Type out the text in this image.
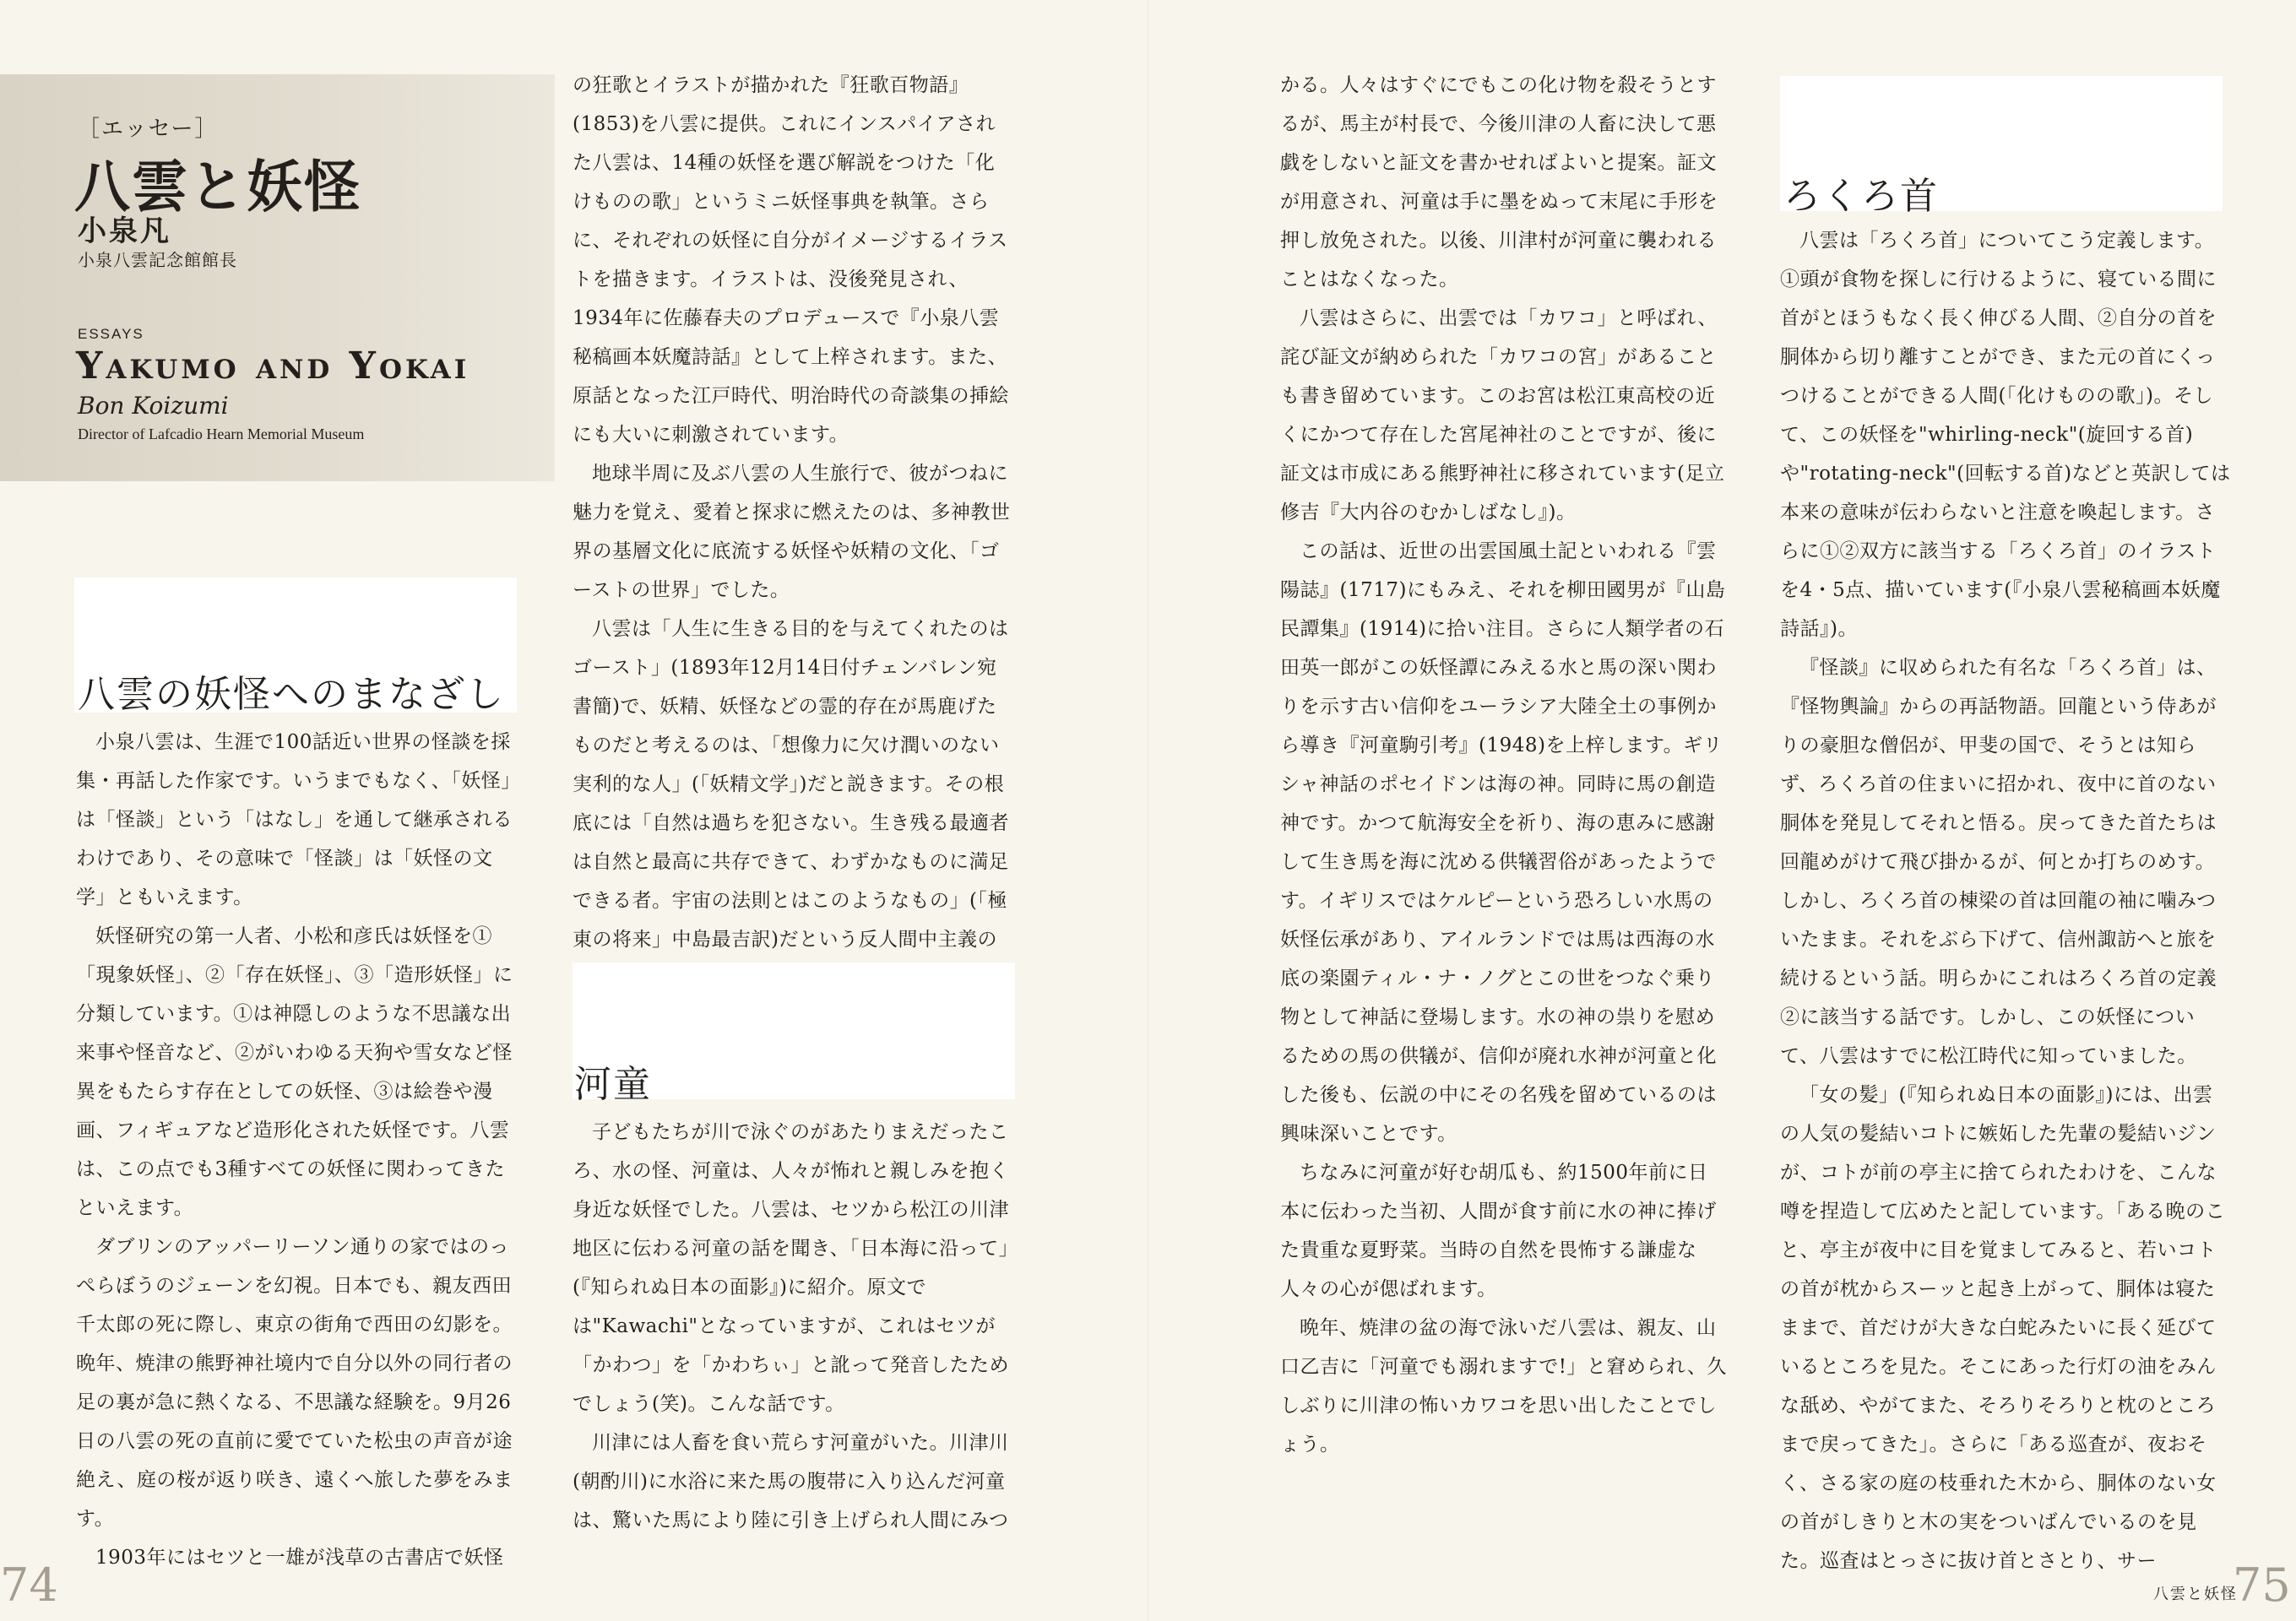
［エッセー］
八雲と妖怪
小泉凡
小泉八雲記念館館長
ESSAYS
Yakumo and Yokai
Bon Koizumi
Director of Lafcadio Hearn Memorial Museum
八雲の妖怪へのまなざし

小泉八雲は、生涯で100話近い世界の怪談を採集・再話した作家です。いうまでもなく、「妖怪」は「怪談」という「はなし」を通して継承されるわけであり、その意味で「怪談」は「妖怪の文学」ともいえます。

妖怪研究の第一人者、小松和彦氏は妖怪を①「現象妖怪」、②「存在妖怪」、③「造形妖怪」に分類しています。①は神隠しのような不思議な出来事や怪音など、②がいわゆる天狗や雪女など怪異をもたらす存在としての妖怪、③は絵巻や漫画、フィギュアなど造形化された妖怪です。八雲は、この点でも3種すべての妖怪に関わってきたといえます。

ダブリンのアッパーリーソン通りの家ではのっぺらぼうのジェーンを幻視。日本でも、親友西田千太郎の死に際し、東京の街角で西田の幻影を。晩年、焼津の熊野神社境内で自分以外の同行者の足の裏が急に熱くなる、不思議な経験を。9月26日の八雲の死の直前に愛でていた松虫の声音が途絶え、庭の桜が返り咲き、遠くへ旅した夢をみます。

1903年にはセツと一雄が浅草の古書店で妖怪

の狂歌とイラストが描かれた『狂歌百物語』(1853)を八雲に提供。これにインスパイアされた八雲は、14種の妖怪を選び解説をつけた「化けものの歌」というミニ妖怪事典を執筆。さらに、それぞれの妖怪に自分がイメージするイラストを描きます。イラストは、没後発見され、1934年に佐藤春夫のプロデュースで『小泉八雲秘稿画本妖魔詩話』として上梓されます。また、原話となった江戸時代、明治時代の奇談集の挿絵にも大いに刺激されています。

地球半周に及ぶ八雲の人生旅行で、彼がつねに魅力を覚え、愛着と探求に燃えたのは、多神教世界の基層文化に底流する妖怪や妖精の文化、「ゴーストの世界」でした。

八雲は「人生に生きる目的を与えてくれたのはゴースト」(1893年12月14日付チェンバレン宛書簡)で、妖精、妖怪などの霊的存在が馬鹿げたものだと考えるのは、「想像力に欠け潤いのない実利的な人」(「妖精文学」)だと説きます。その根底には「自然は過ちを犯さない。生き残る最適者は自然と最高に共存できて、わずかなものに満足できる者。宇宙の法則とはこのようなもの」(「極東の将来」中島最吉訳)だという反人間中主義の

河童

子どもたちが川で泳ぐのがあたりまえだったころ、水の怪、河童は、人々が怖れと親しみを抱く身近な妖怪でした。八雲は、セツから松江の川津地区に伝わる河童の話を聞き、「日本海に沿って」(『知られぬ日本の面影』)に紹介。原文では"Kawachi"となっていますが、これはセツが「かわつ」を「かわちぃ」と訛って発音したためでしょう(笑)。こんな話です。

川津には人畜を食い荒らす河童がいた。川津川(朝酌川)に水浴に来た馬の腹帯に入り込んだ河童は、驚いた馬により陸に引き上げられ人間にみつ

74

かる。人々はすぐにでもこの化け物を殺そうとするが、馬主が村長で、今後川津の人畜に決して悪戯をしないと証文を書かせればよいと提案。証文が用意され、河童は手に墨をぬって末尾に手形を押し放免された。以後、川津村が河童に襲われることはなくなった。

八雲はさらに、出雲では「カワコ」と呼ばれ、詫び証文が納められた「カワコの宮」があることも書き留めています。このお宮は松江東高校の近くにかつて存在した宮尾神社のことですが、後に証文は市成にある熊野神社に移されています(足立修吉『大内谷のむかしばなし』)。

この話は、近世の出雲国風土記といわれる『雲陽誌』(1717)にもみえ、それを柳田國男が『山島民譚集』(1914)に拾い注目。さらに人類学者の石田英一郎がこの妖怪譚にみえる水と馬の深い関わりを示す古い信仰をユーラシア大陸全土の事例から導き『河童駒引考』(1948)を上梓します。ギリシャ神話のポセイドンは海の神。同時に馬の創造神です。かつて航海安全を祈り、海の恵みに感謝して生き馬を海に沈める供犠習俗があったようです。イギリスではケルピーという恐ろしい水馬の妖怪伝承があり、アイルランドでは馬は西海の水底の楽園ティル・ナ・ノグとこの世をつなぐ乗り物として神話に登場します。水の神の祟りを慰めるための馬の供犠が、信仰が廃れ水神が河童と化した後も、伝説の中にその名残を留めているのは興味深いことです。

ちなみに河童が好む胡瓜も、約1500年前に日本に伝わった当初、人間が食す前に水の神に捧げた貴重な夏野菜。当時の自然を畏怖する謙虚な人々の心が偲ばれます。

晩年、焼津の盆の海で泳いだ八雲は、親友、山口乙吉に「河童でも溺れますで!」と窘められ、久しぶりに川津の怖いカワコを思い出したことでしょう。

ろくろ首

八雲は「ろくろ首」についてこう定義します。①頭が食物を探しに行けるように、寝ている間に首がとほうもなく長く伸びる人間、②自分の首を胴体から切り離すことができ、また元の首にくっつけることができる人間(「化けものの歌」)。そして、この妖怪を"whirling-neck"(旋回する首)や"rotating-neck"(回転する首)などと英訳しては本来の意味が伝わらないと注意を喚起します。さらに①②双方に該当する「ろくろ首」のイラストを4・5点、描いています(『小泉八雲秘稿画本妖魔詩話』)。

『怪談』に収められた有名な「ろくろ首」は、『怪物輿論』からの再話物語。回龍という侍あがりの豪胆な僧侶が、甲斐の国で、そうとは知らず、ろくろ首の住まいに招かれ、夜中に首のない胴体を発見してそれと悟る。戻ってきた首たちは回龍めがけて飛び掛かるが、何とか打ちのめす。しかし、ろくろ首の棟梁の首は回龍の袖に噛みついたまま。それをぶら下げて、信州諏訪へと旅を続けるという話。明らかにこれはろくろ首の定義②に該当する話です。しかし、この妖怪について、八雲はすでに松江時代に知っていました。

「女の髪」(『知られぬ日本の面影』)には、出雲の人気の髪結いコトに嫉妬した先輩の髪結いジンが、コトが前の亭主に捨てられたわけを、こんな噂を捏造して広めたと記しています。「ある晩のこと、亭主が夜中に目を覚ましてみると、若いコトの首が枕からスーッと起き上がって、胴体は寝たままで、首だけが大きな白蛇みたいに長く延びているところを見た。そこにあった行灯の油をみんな舐め、やがてまた、そろりそろりと枕のところまで戻ってきた」。さらに「ある巡査が、夜おそく、さる家の庭の枝垂れた木から、胴体のない女の首がしきりと木の実をついばんでいるのを見た。巡査はとっさに抜け首とさとり、サー

八雲と妖怪
75
